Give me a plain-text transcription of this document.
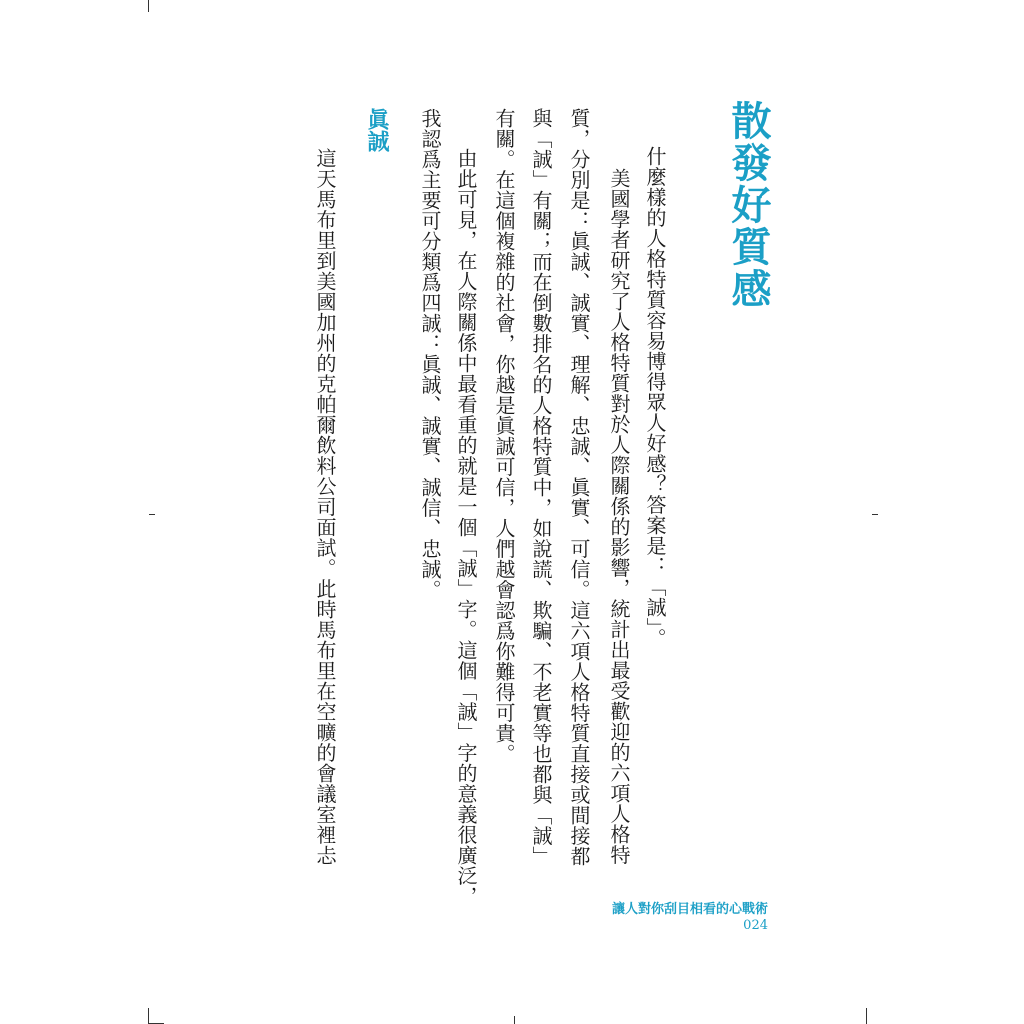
散發好質感
什麼樣的人格特質容易博得眾人好感？答案是：「誠」。
美國學者研究了人格特質對於人際關係的影響，統計出最受歡迎的六項人格特
質，分別是：眞誠、誠實、理解、忠誠、眞實、可信。這六項人格特質直接或間接都
與「誠」有關；而在倒數排名的人格特質中，如說謊、欺騙、不老實等也都與「誠」
有關。在這個複雜的社會，你越是眞誠可信，人們越會認爲你難得可貴。
由此可見，在人際關係中最看重的就是一個「誠」字。這個「誠」字的意義很廣泛，
我認爲主要可分類爲四誠：眞誠、誠實、誠信、忠誠。
眞誠
這天馬布里到美國加州的克帕爾飲料公司面試。此時馬布里在空曠的會議室裡忐
讓人對你刮目相看的心戰術
024
